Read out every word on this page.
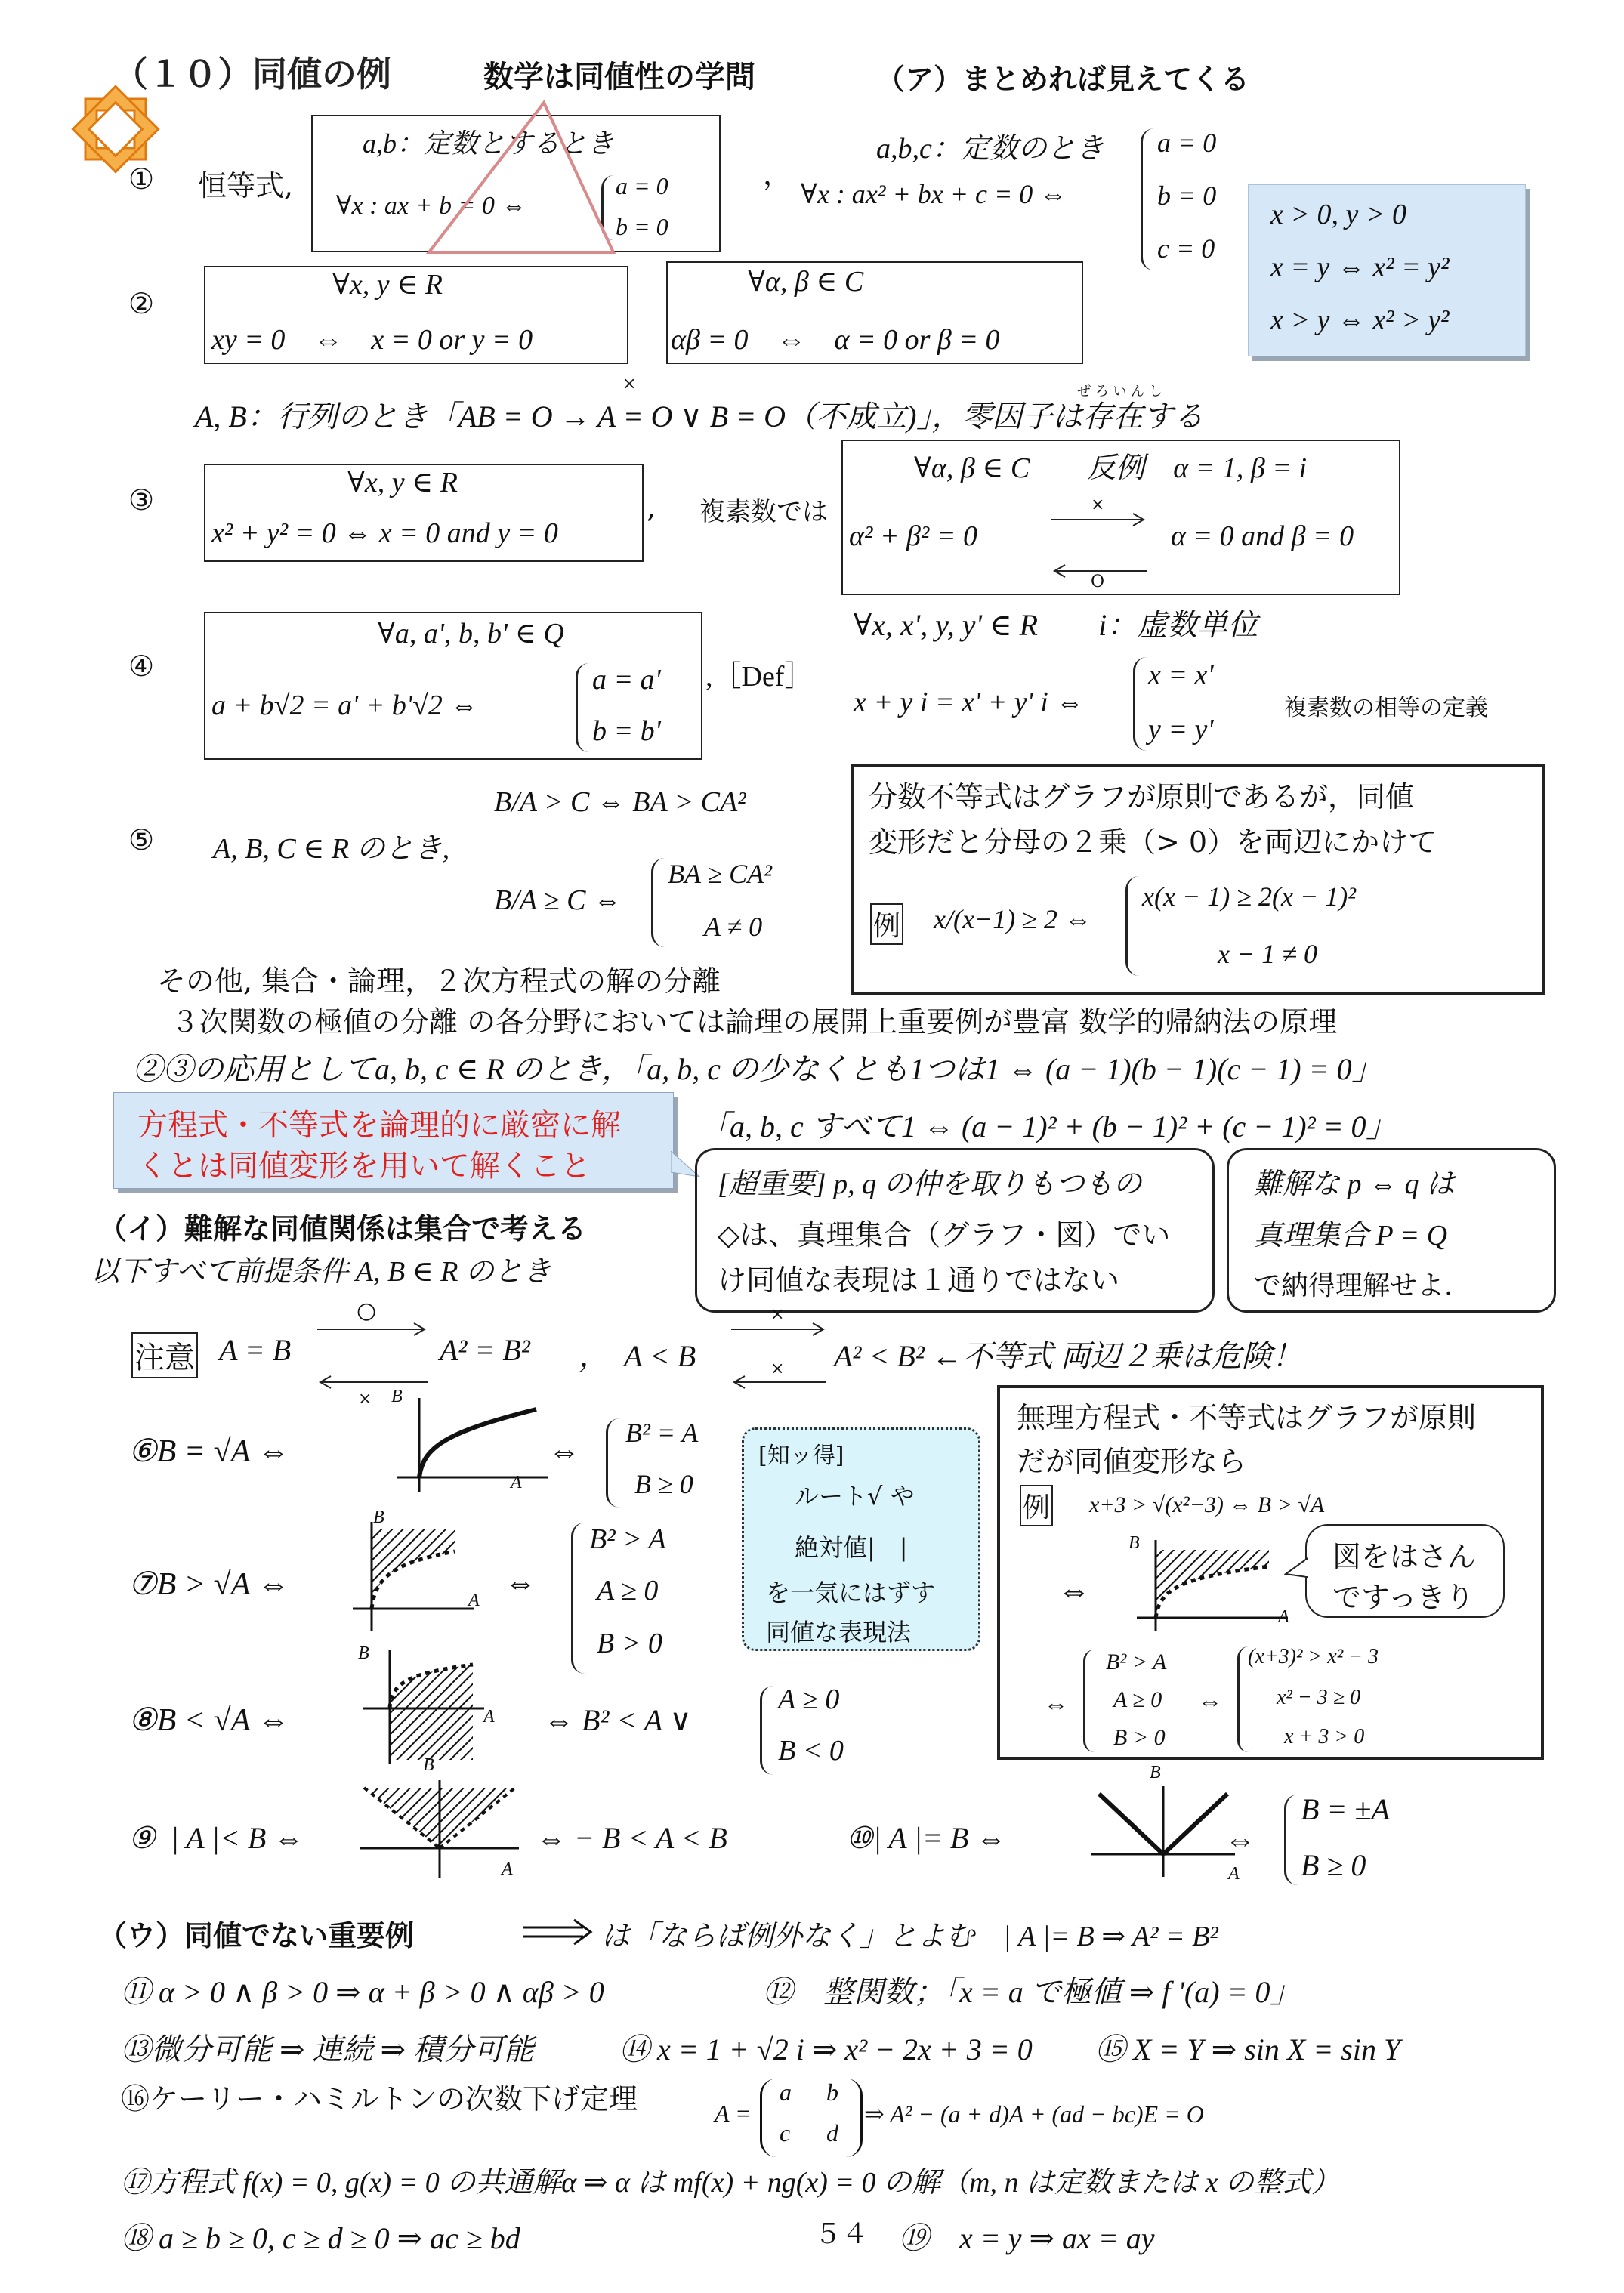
（１０）同値の例	数学は同値性の学問	（ア）まとめれば見えてくる
① 恒等式,
a,b：定数とするとき
∀x : ax + b = 0 ⇔
a = 0
b = 0
，
a,b,c：定数のとき
∀x : ax² + bx + c = 0 ⇔
a = 0
b = 0
c = 0
x > 0, y > 0
x = y ⇔ x² = y²
x > y ⇔ x² > y²
②
∀x, y ∈ R
xy = 0　⇔　x = 0 or y = 0
∀α, β ∈ C
αβ = 0　⇔　α = 0 or β = 0
ぜ ろ い ん し
×
A, B：行列のとき「AB = O → A = O ∨ B = O（不成立)」，零因子は存在する
③
∀x, y ∈ R
x² + y² = 0 ⇔ x = 0 and y = 0
, 複素数では
∀α, β ∈ C　　反例　α = 1, β = i
α² + β² = 0	α = 0 and β = 0
×
O
④
∀a, a', b, b' ∈ Q
a + b√2 = a' + b'√2 ⇔
a = a'
b = b'
,［Def］
∀x, x', y, y' ∈ R　　i：虚数単位
x + y i = x' + y' i ⇔
x = x'
y = y'
複素数の相等の定義
⑤ A, B, C ∈ R のとき,
B/A > C ⇔ BA > CA²
B/A ≥ C ⇔
BA ≥ CA²
A ≠ 0
分数不等式はグラフが原則であるが，同値
変形だと分母の２乗（> 0）を両辺にかけて
例 x/(x−1) ≥ 2 ⇔
x(x − 1) ≥ 2(x − 1)²
x − 1 ≠ 0
その他, 集合・論理，２次方程式の解の分離
３次関数の極値の分離 の各分野においては論理の展開上重要例が豊富 数学的帰納法の原理
②③の応用としてa, b, c ∈ R のとき，「a, b, c の少なくとも1つは1 ⇔ (a − 1)(b − 1)(c − 1) = 0」
「a, b, c すべて1 ⇔ (a − 1)² + (b − 1)² + (c − 1)² = 0」
方程式・不等式を論理的に厳密に解
くとは同値変形を用いて解くこと
（イ）難解な同値関係は集合で考える
以下すべて前提条件 A, B ∈ R のとき
[超重要] p, q の仲を取りもつもの
◇は、真理集合（グラフ・図）でい
け同値な表現は１通りではない
難解な p ⇔ q は
真理集合 P = Q
で納得理解せよ.
注意 A = B
○
×
A² = B² ，　A < B
×
× A² < B² ←不等式 両辺２乗は危険！
⑥B = √A ⇔
B
A
⇔
B² = A
B ≥ 0
[知ッ得]
ルート√ や
絶対値|　|
を一気にはずす
同値な表現法
⑦B > √A ⇔
B
A ⇔
B² > A
A ≥ 0
B > 0
無理方程式・不等式はグラフが原則
だが同値変形なら
例 x+3 > √(x²−3) ⇔ B > √A
B
A
⇔
図をはさん
ですっきり
⇔
B² > A
A ≥ 0
B > 0
⇔
(x+3)² > x² − 3
x² − 3 ≥ 0
x + 3 > 0
⑧B < √A ⇔
B
A ⇔ B² < A ∨
A ≥ 0
B < 0
⑨ | A |< B ⇔
B
A
⇔ − B < A < B	⑩| A |= B ⇔
B
A
⇔
B = ±A
B ≥ 0
（ウ）同値でない重要例	は「ならば例外なく」とよむ　| A |= B ⇒ A² = B²
⑪ α > 0 ∧ β > 0 ⇒ α + β > 0 ∧ αβ > 0	⑫　整関数；「x = a で極値 ⇒ f '(a) = 0」
⑬微分可能 ⇒ 連続 ⇒ 積分可能	⑭ x = 1 + √2 i ⇒ x² − 2x + 3 = 0 ⑮ X = Y ⇒ sin X = sin Y
⑯ケーリー・ハミルトンの次数下げ定理	A =
a b
c d
⇒ A² − (a + d)A + (ad − bc)E = O
⑰方程式 f(x) = 0, g(x) = 0 の共通解α ⇒ α は mf(x) + ng(x) = 0 の解（m, n は定数または x の整式）
⑱ a ≥ b ≥ 0, c ≥ d ≥ 0 ⇒ ac ≥ bd	５４ ⑲　x = y ⇒ ax = ay
